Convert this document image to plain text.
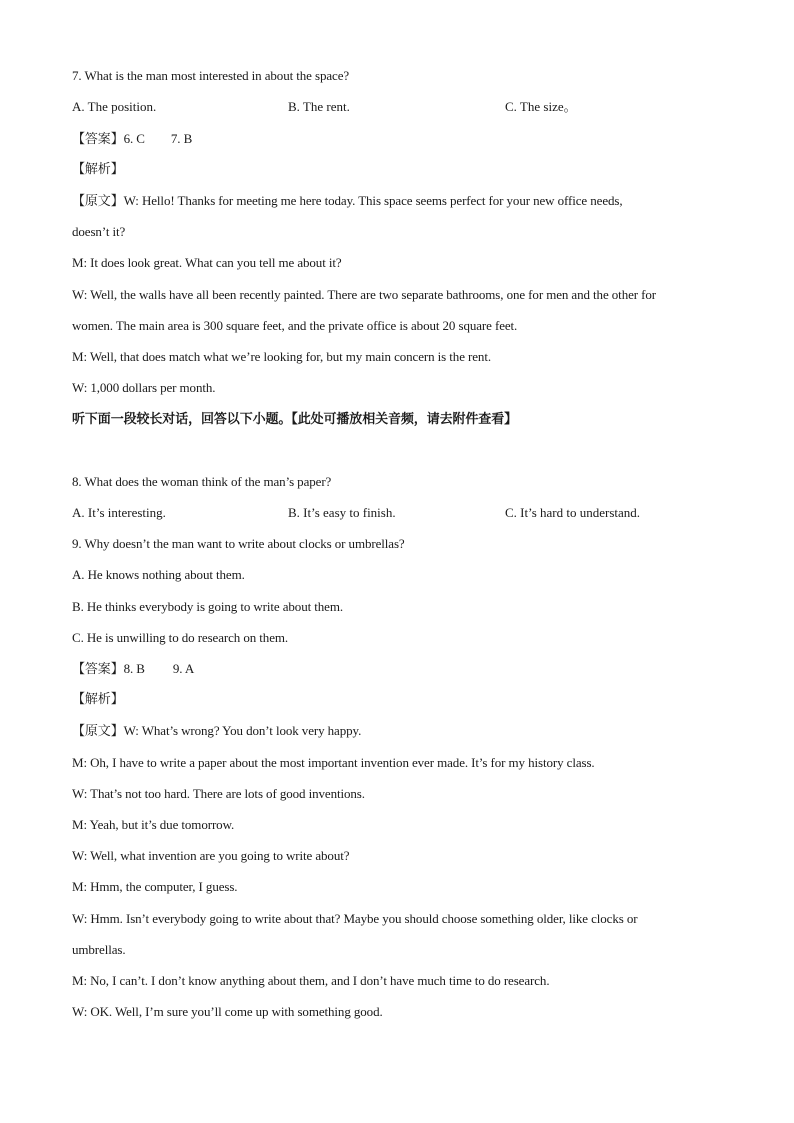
7. What is the man most interested in about the space?
A. The position.	B. The rent.	C. The size。
【答案】6. C 7. B
【解析】
【原文】W: Hello! Thanks for meeting me here today. This space seems perfect for your new office needs,
doesn’t it?
M: It does look great. What can you tell me about it?
W: Well, the walls have all been recently painted. There are two separate bathrooms, one for men and the other for
women. The main area is 300 square feet, and the private office is about 20 square feet.
M: Well, that does match what we’re looking for, but my main concern is the rent.
W: 1,000 dollars per month.
听下面一段较长对话，回答以下小题。【此处可播放相关音频，请去附件查看】
8. What does the woman think of the man’s paper?
A. It’s interesting.	B. It’s easy to finish.	C. It’s hard to understand.
9. Why doesn’t the man want to write about clocks or umbrellas?
A. He knows nothing about them.
B. He thinks everybody is going to write about them.
C. He is unwilling to do research on them.
【答案】8. B 9. A
【解析】
【原文】W: What’s wrong? You don’t look very happy.
M: Oh, I have to write a paper about the most important invention ever made. It’s for my history class.
W: That’s not too hard. There are lots of good inventions.
M: Yeah, but it’s due tomorrow.
W: Well, what invention are you going to write about?
M: Hmm, the computer, I guess.
W: Hmm. Isn’t everybody going to write about that? Maybe you should choose something older, like clocks or
umbrellas.
M: No, I can’t. I don’t know anything about them, and I don’t have much time to do research.
W: OK. Well, I’m sure you’ll come up with something good.
